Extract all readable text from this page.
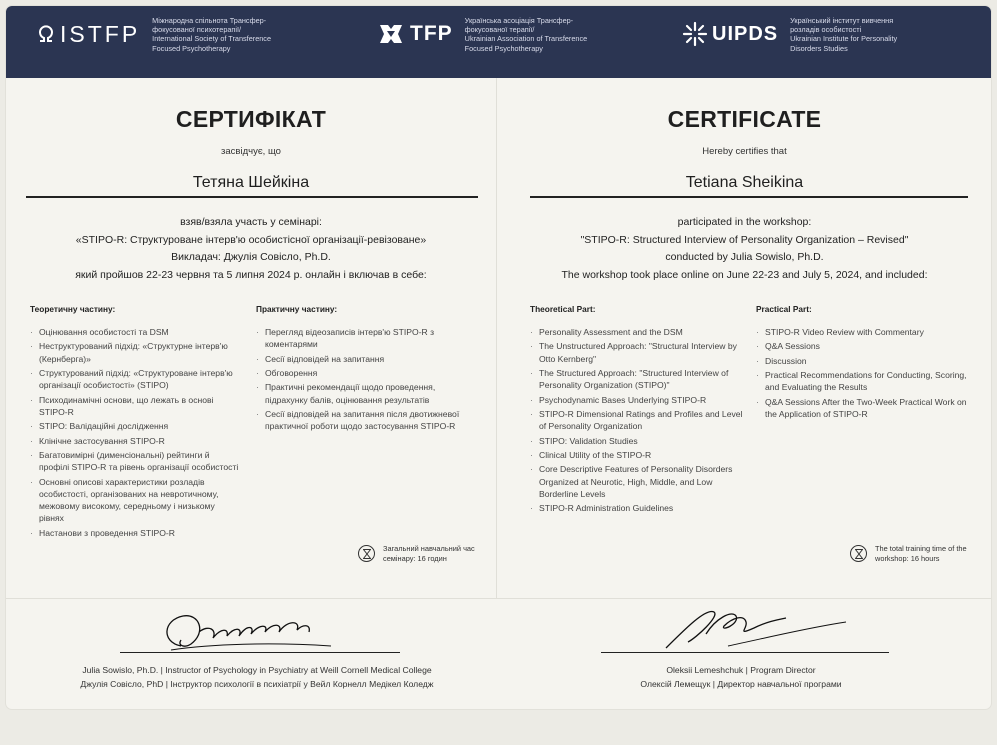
ISTFP
Міжнародна спільнота Трансфер-
фокусованої психотерапії/
International Society of Transference
Focused Psychotherapy
TFP
Українська асоціація Трансфер-
фокусованої терапії/
Ukrainian Association of Transference
Focused Psychotherapy
UIPDS
Український інститут вивчення
розладів особистості
Ukrainian Institute for Personality
Disorders Studies
СЕРТИФІКАТ
засвідчує, що
Тетяна Шейкіна
взяв/взяла участь у семінарі:
«STIPO-R: Структуроване інтерв'ю особистісної організації-ревізоване»
Викладач: Джулія Совісло, Ph.D.
який пройшов 22-23 червня та 5 липня 2024 р. онлайн і включав в себе:
Теоретичну частину:
· Оцінювання особистості та DSM
· Неструктурований підхід: «Структурне інтерв'ю (Кернберга)»
· Структурований підхід: «Структуроване інтерв'ю організації особистості» (STIPO)
· Психодинамічні основи, що лежать в основі STIPO-R
· STIPO: Валідаційні дослідження
· Клінічне застосування STIPO-R
· Багатовимірні (дименсіональні) рейтинги й профілі STIPO-R та рівень організації особистості
· Основні описові характеристики розладів особистості, організованих на невротичному, межовому високому, середньому і низькому рівнях
· Настанови з проведення STIPO-R
Практичну частину:
· Перегляд відеозаписів інтерв'ю STIPO-R з коментарями
· Сесії відповідей на запитання
· Обговорення
· Практичні рекомендації щодо проведення, підрахунку балів, оцінювання результатів
· Сесії відповідей на запитання після двотижневої практичної роботи щодо застосування STIPO-R
Загальний навчальний час семінару: 16 годин
CERTIFICATE
Hereby certifies that
Tetiana Sheikina
participated in the workshop:
"STIPO-R: Structured Interview of Personality Organization – Revised"
conducted by Julia Sowislo, Ph.D.
The workshop took place online on June 22-23 and July 5, 2024, and included:
Theoretical Part:
· Personality Assessment and the DSM
· The Unstructured Approach: "Structural Interview by Otto Kernberg"
· The Structured Approach: "Structured Interview of Personality Organization (STIPO)"
· Psychodynamic Bases Underlying STIPO-R
· STIPO-R Dimensional Ratings and Profiles and Level of Personality Organization
· STIPO: Validation Studies
· Clinical Utility of the STIPO-R
· Core Descriptive Features of Personality Disorders Organized at Neurotic, High, Middle, and Low Borderline Levels
· STIPO-R Administration Guidelines
Practical Part:
· STIPO-R Video Review with Commentary
· Q&A Sessions
· Discussion
· Practical Recommendations for Conducting, Scoring, and Evaluating the Results
· Q&A Sessions After the Two-Week Practical Work on the Application of STIPO-R
The total training time of the workshop: 16 hours
Julia Sowislo, Ph.D. | Instructor of Psychology in Psychiatry at Weill Cornell Medical College
Джулія Совісло, PhD | Інструктор психології в психіатрії у Вейл Корнелл Медікел Коледж
Oleksii Lemeshchuk | Program Director
Олексій Лемещук | Директор навчальної програми
